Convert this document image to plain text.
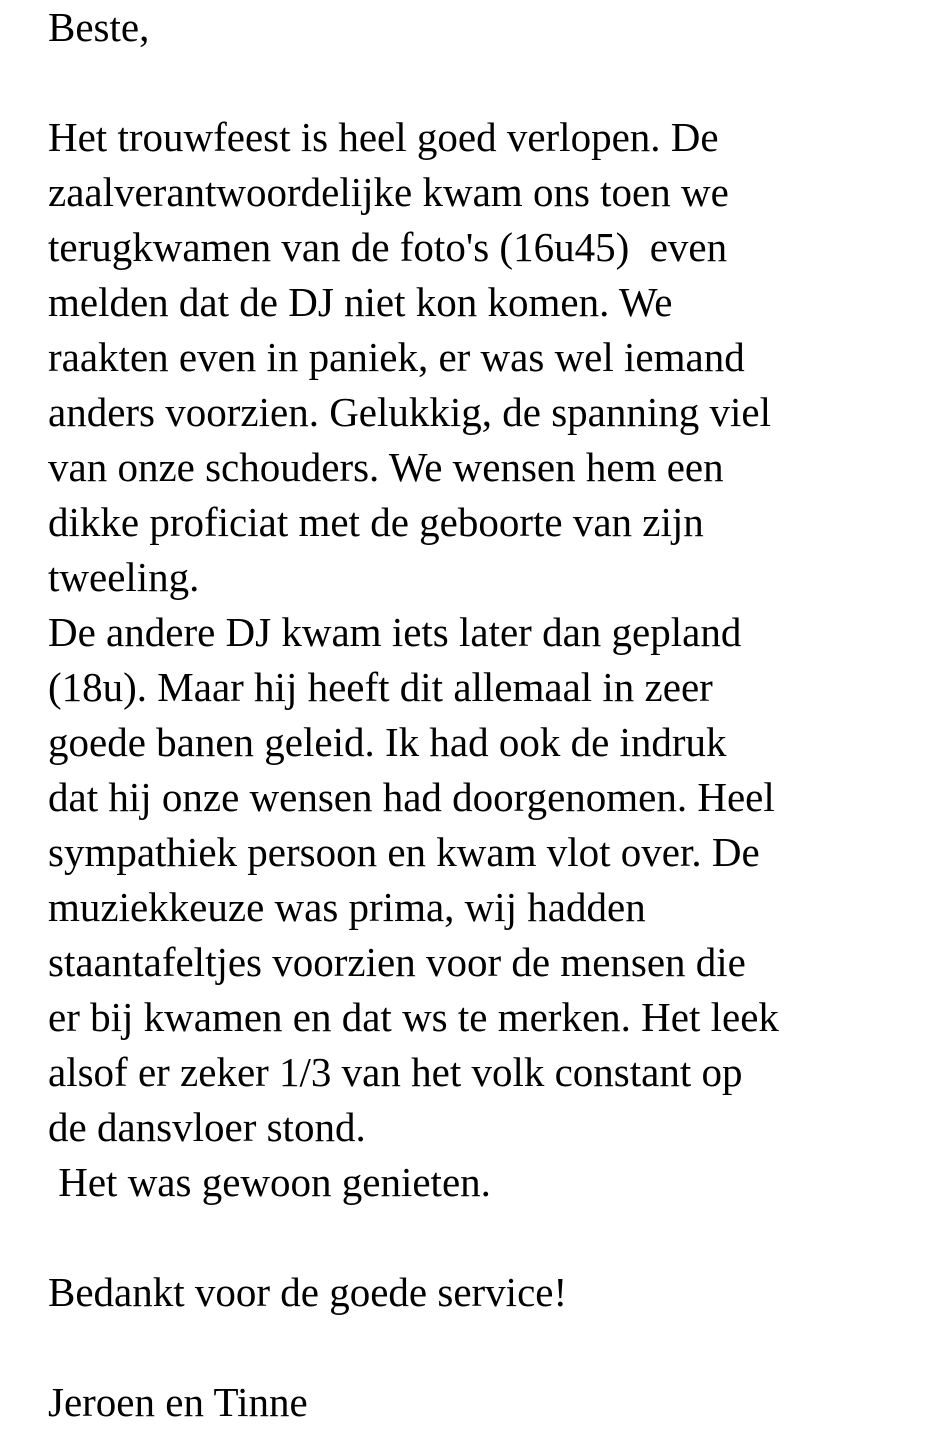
Beste,
Het trouwfeest is heel goed verlopen. De
zaalverantwoordelijke kwam ons toen we
terugkwamen van de foto's (16u45)  even
melden dat de DJ niet kon komen. We
raakten even in paniek, er was wel iemand
anders voorzien. Gelukkig, de spanning viel
van onze schouders. We wensen hem een
dikke proficiat met de geboorte van zijn
tweeling.
De andere DJ kwam iets later dan gepland
(18u). Maar hij heeft dit allemaal in zeer
goede banen geleid. Ik had ook de indruk
dat hij onze wensen had doorgenomen. Heel
sympathiek persoon en kwam vlot over. De
muziekkeuze was prima, wij hadden
staantafeltjes voorzien voor de mensen die
er bij kwamen en dat ws te merken. Het leek
alsof er zeker 1/3 van het volk constant op
de dansvloer stond.
Het was gewoon genieten.
Bedankt voor de goede service!
Jeroen en Tinne
